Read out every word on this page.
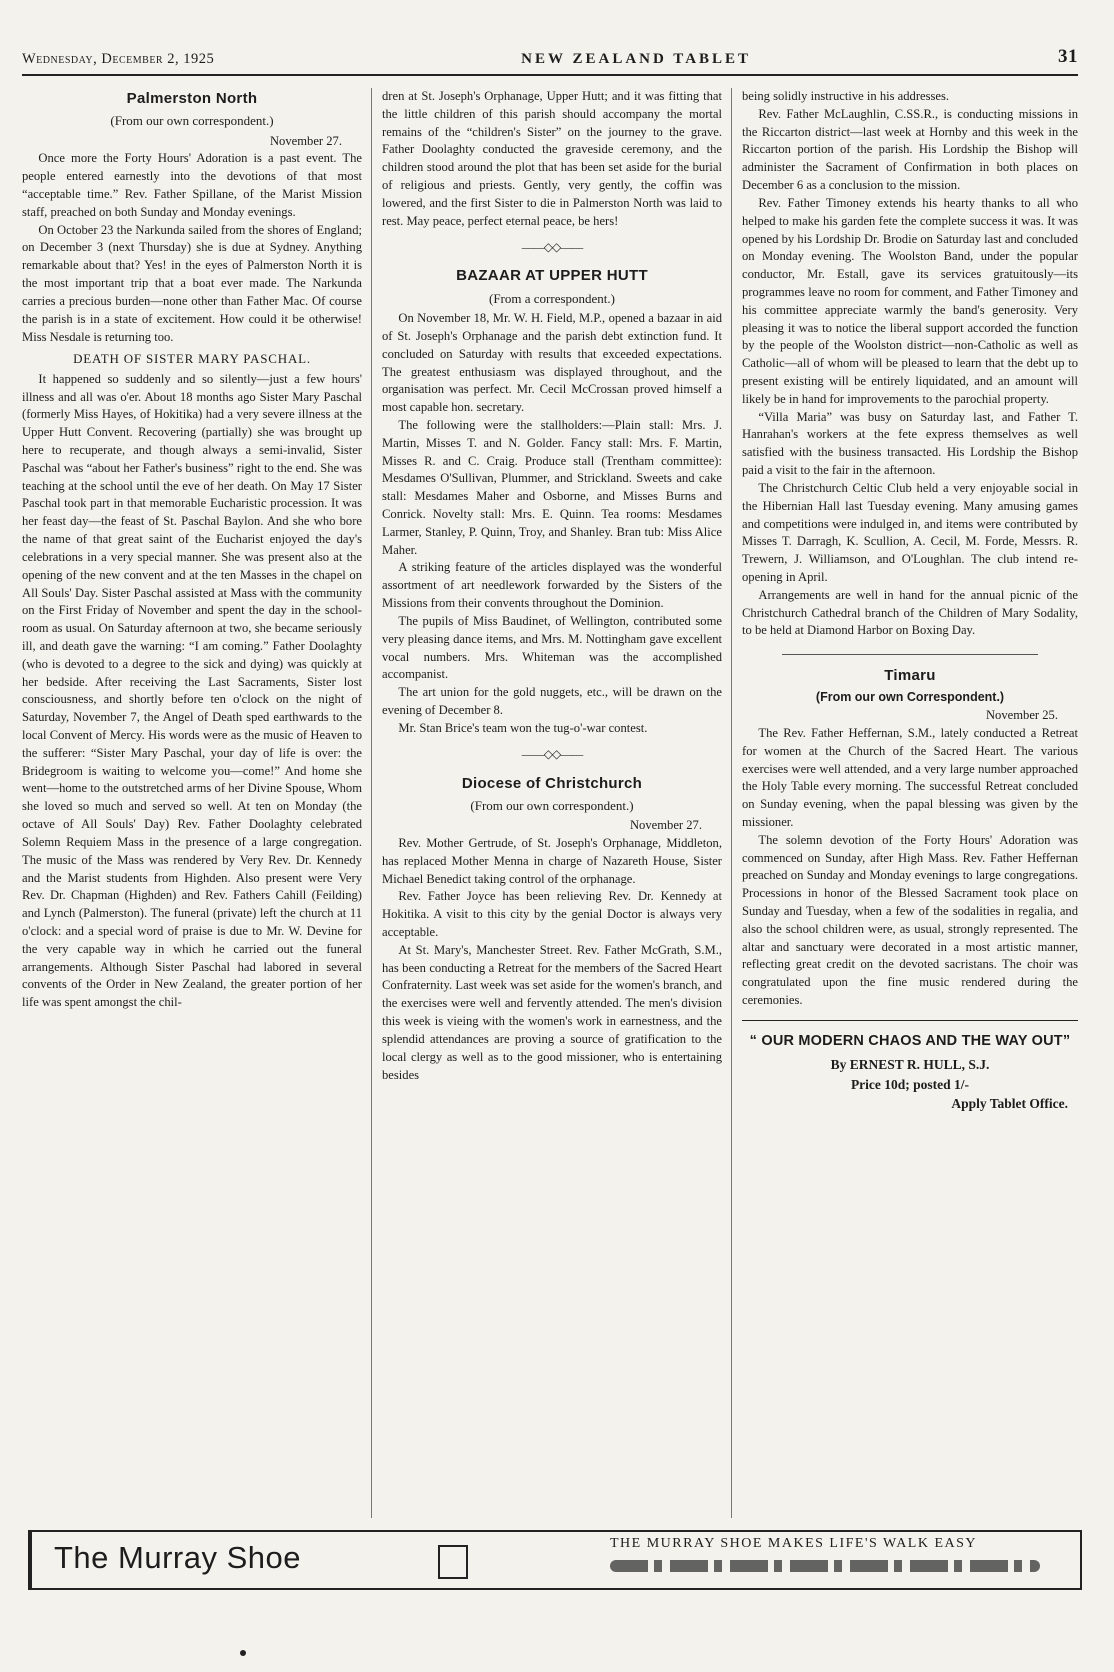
Wednesday, December 2, 1925	NEW ZEALAND TABLET	31
Palmerston North
(From our own correspondent.)
November 27.

Once more the Forty Hours' Adoration is a past event. The people entered earnestly into the devotions of that most “acceptable time.” Rev. Father Spillane, of the Marist Mission staff, preached on both Sunday and Monday evenings.

On October 23 the Narkunda sailed from the shores of England; on December 3 (next Thursday) she is due at Sydney. Anything remarkable about that? Yes! in the eyes of Palmerston North it is the most important trip that a boat ever made. The Narkunda carries a precious burden—none other than Father Mac. Of course the parish is in a state of excitement. How could it be otherwise! Miss Nesdale is returning too.

DEATH OF SISTER MARY PASCHAL.

It happened so suddenly and so silently—just a few hours' illness and all was o'er. About 18 months ago Sister Mary Paschal (formerly Miss Hayes, of Hokitika) had a very severe illness at the Upper Hutt Convent. Recovering (partially) she was brought up here to recuperate, and though always a semi-invalid, Sister Paschal was “about her Father's business” right to the end. She was teaching at the school until the eve of her death. On May 17 Sister Paschal took part in that memorable Eucharistic procession. It was her feast day—the feast of St. Paschal Baylon. And she who bore the name of that great saint of the Eucharist enjoyed the day's celebrations in a very special manner. She was present also at the opening of the new convent and at the ten Masses in the chapel on All Souls' Day. Sister Paschal assisted at Mass with the community on the First Friday of November and spent the day in the school-room as usual. On Saturday afternoon at two, she became seriously ill, and death gave the warning: “I am coming.” Father Doolaghty (who is devoted to a degree to the sick and dying) was quickly at her bedside. After receiving the Last Sacraments, Sister lost consciousness, and shortly before ten o'clock on the night of Saturday, November 7, the Angel of Death sped earthwards to the local Convent of Mercy. His words were as the music of Heaven to the sufferer: “Sister Mary Paschal, your day of life is over: the Bridegroom is waiting to welcome you—come!” And home she went—home to the outstretched arms of her Divine Spouse, Whom she loved so much and served so well. At ten on Monday (the octave of All Souls' Day) Rev. Father Doolaghty celebrated Solemn Requiem Mass in the presence of a large congregation. The music of the Mass was rendered by Very Rev. Dr. Kennedy and the Marist students from Highden. Also present were Very Rev. Dr. Chapman (Highden) and Rev. Fathers Cahill (Feilding) and Lynch (Palmerston). The funeral (private) left the church at 11 o'clock: and a special word of praise is due to Mr. W. Devine for the very capable way in which he carried out the funeral arrangements. Although Sister Paschal had labored in several convents of the Order in New Zealand, the greater portion of her life was spent amongst the chil-

dren at St. Joseph's Orphanage, Upper Hutt; and it was fitting that the little children of this parish should accompany the mortal remains of the “children's Sister” on the journey to the grave. Father Doolaghty conducted the graveside ceremony, and the children stood around the plot that has been set aside for the burial of religious and priests. Gently, very gently, the coffin was lowered, and the first Sister to die in Palmerston North was laid to rest. May peace, perfect eternal peace, be hers!

——◇◇——
BAZAAR AT UPPER HUTT
(From a correspondent.)

On November 18, Mr. W. H. Field, M.P., opened a bazaar in aid of St. Joseph's Orphanage and the parish debt extinction fund. It concluded on Saturday with results that exceeded expectations. The greatest enthusiasm was displayed throughout, and the organisation was perfect. Mr. Cecil McCrossan proved himself a most capable hon. secretary.

The following were the stallholders:—Plain stall: Mrs. J. Martin, Misses T. and N. Golder. Fancy stall: Mrs. F. Martin, Misses R. and C. Craig. Produce stall (Trentham committee): Mesdames O'Sullivan, Plummer, and Strickland. Sweets and cake stall: Mesdames Maher and Osborne, and Misses Burns and Conrick. Novelty stall: Mrs. E. Quinn. Tea rooms: Mesdames Larmer, Stanley, P. Quinn, Troy, and Shanley. Bran tub: Miss Alice Maher.

A striking feature of the articles displayed was the wonderful assortment of art needlework forwarded by the Sisters of the Missions from their convents throughout the Dominion.

The pupils of Miss Baudinet, of Wellington, contributed some very pleasing dance items, and Mrs. M. Nottingham gave excellent vocal numbers. Mrs. Whiteman was the accomplished accompanist.

The art union for the gold nuggets, etc., will be drawn on the evening of December 8.

Mr. Stan Brice's team won the tug-o'-war contest.

——◇◇——
Diocese of Christchurch
(From our own correspondent.)
November 27.

Rev. Mother Gertrude, of St. Joseph's Orphanage, Middleton, has replaced Mother Menna in charge of Nazareth House, Sister Michael Benedict taking control of the orphanage.

Rev. Father Joyce has been relieving Rev. Dr. Kennedy at Hokitika. A visit to this city by the genial Doctor is always very acceptable.

At St. Mary's, Manchester Street. Rev. Father McGrath, S.M., has been conducting a Retreat for the members of the Sacred Heart Confraternity. Last week was set aside for the women's branch, and the exercises were well and fervently attended. The men's division this week is vieing with the women's work in earnestness, and the splendid attendances are proving a source of gratification to the local clergy as well as to the good missioner, who is entertaining besides

being solidly instructive in his addresses.

Rev. Father McLaughlin, C.SS.R., is conducting missions in the Riccarton district—last week at Hornby and this week in the Riccarton portion of the parish. His Lordship the Bishop will administer the Sacrament of Confirmation in both places on December 6 as a conclusion to the mission.

Rev. Father Timoney extends his hearty thanks to all who helped to make his garden fete the complete success it was. It was opened by his Lordship Dr. Brodie on Saturday last and concluded on Monday evening. The Woolston Band, under the popular conductor, Mr. Estall, gave its services gratuitously—its programmes leave no room for comment, and Father Timoney and his committee appreciate warmly the band's generosity. Very pleasing it was to notice the liberal support accorded the function by the people of the Woolston district—non-Catholic as well as Catholic—all of whom will be pleased to learn that the debt up to present existing will be entirely liquidated, and an amount will likely be in hand for improvements to the parochial property.

“Villa Maria” was busy on Saturday last, and Father T. Hanrahan's workers at the fete express themselves as well satisfied with the business transacted. His Lordship the Bishop paid a visit to the fair in the afternoon.

The Christchurch Celtic Club held a very enjoyable social in the Hibernian Hall last Tuesday evening. Many amusing games and competitions were indulged in, and items were contributed by Misses T. Darragh, K. Scullion, A. Cecil, M. Forde, Messrs. R. Trewern, J. Williamson, and O'Loughlan. The club intend re-opening in April.

Arrangements are well in hand for the annual picnic of the Christchurch Cathedral branch of the Children of Mary Sodality, to be held at Diamond Harbor on Boxing Day.

Timaru
(From our own Correspondent.)
November 25.

The Rev. Father Heffernan, S.M., lately conducted a Retreat for women at the Church of the Sacred Heart. The various exercises were well attended, and a very large number approached the Holy Table every morning. The successful Retreat concluded on Sunday evening, when the papal blessing was given by the missioner.

The solemn devotion of the Forty Hours' Adoration was commenced on Sunday, after High Mass. Rev. Father Heffernan preached on Sunday and Monday evenings to large congregations. Processions in honor of the Blessed Sacrament took place on Sunday and Tuesday, when a few of the sodalities in regalia, and also the school children were, as usual, strongly represented. The altar and sanctuary were decorated in a most artistic manner, reflecting great credit on the devoted sacristans. The choir was congratulated upon the fine music rendered during the ceremonies.

“ OUR MODERN CHAOS AND THE WAY OUT”
By ERNEST R. HULL, S.J.
Price 10d; posted 1/-
Apply Tablet Office.
The Murray Shoe	THE MURRAY SHOE MAKES LIFE'S WALK EASY
